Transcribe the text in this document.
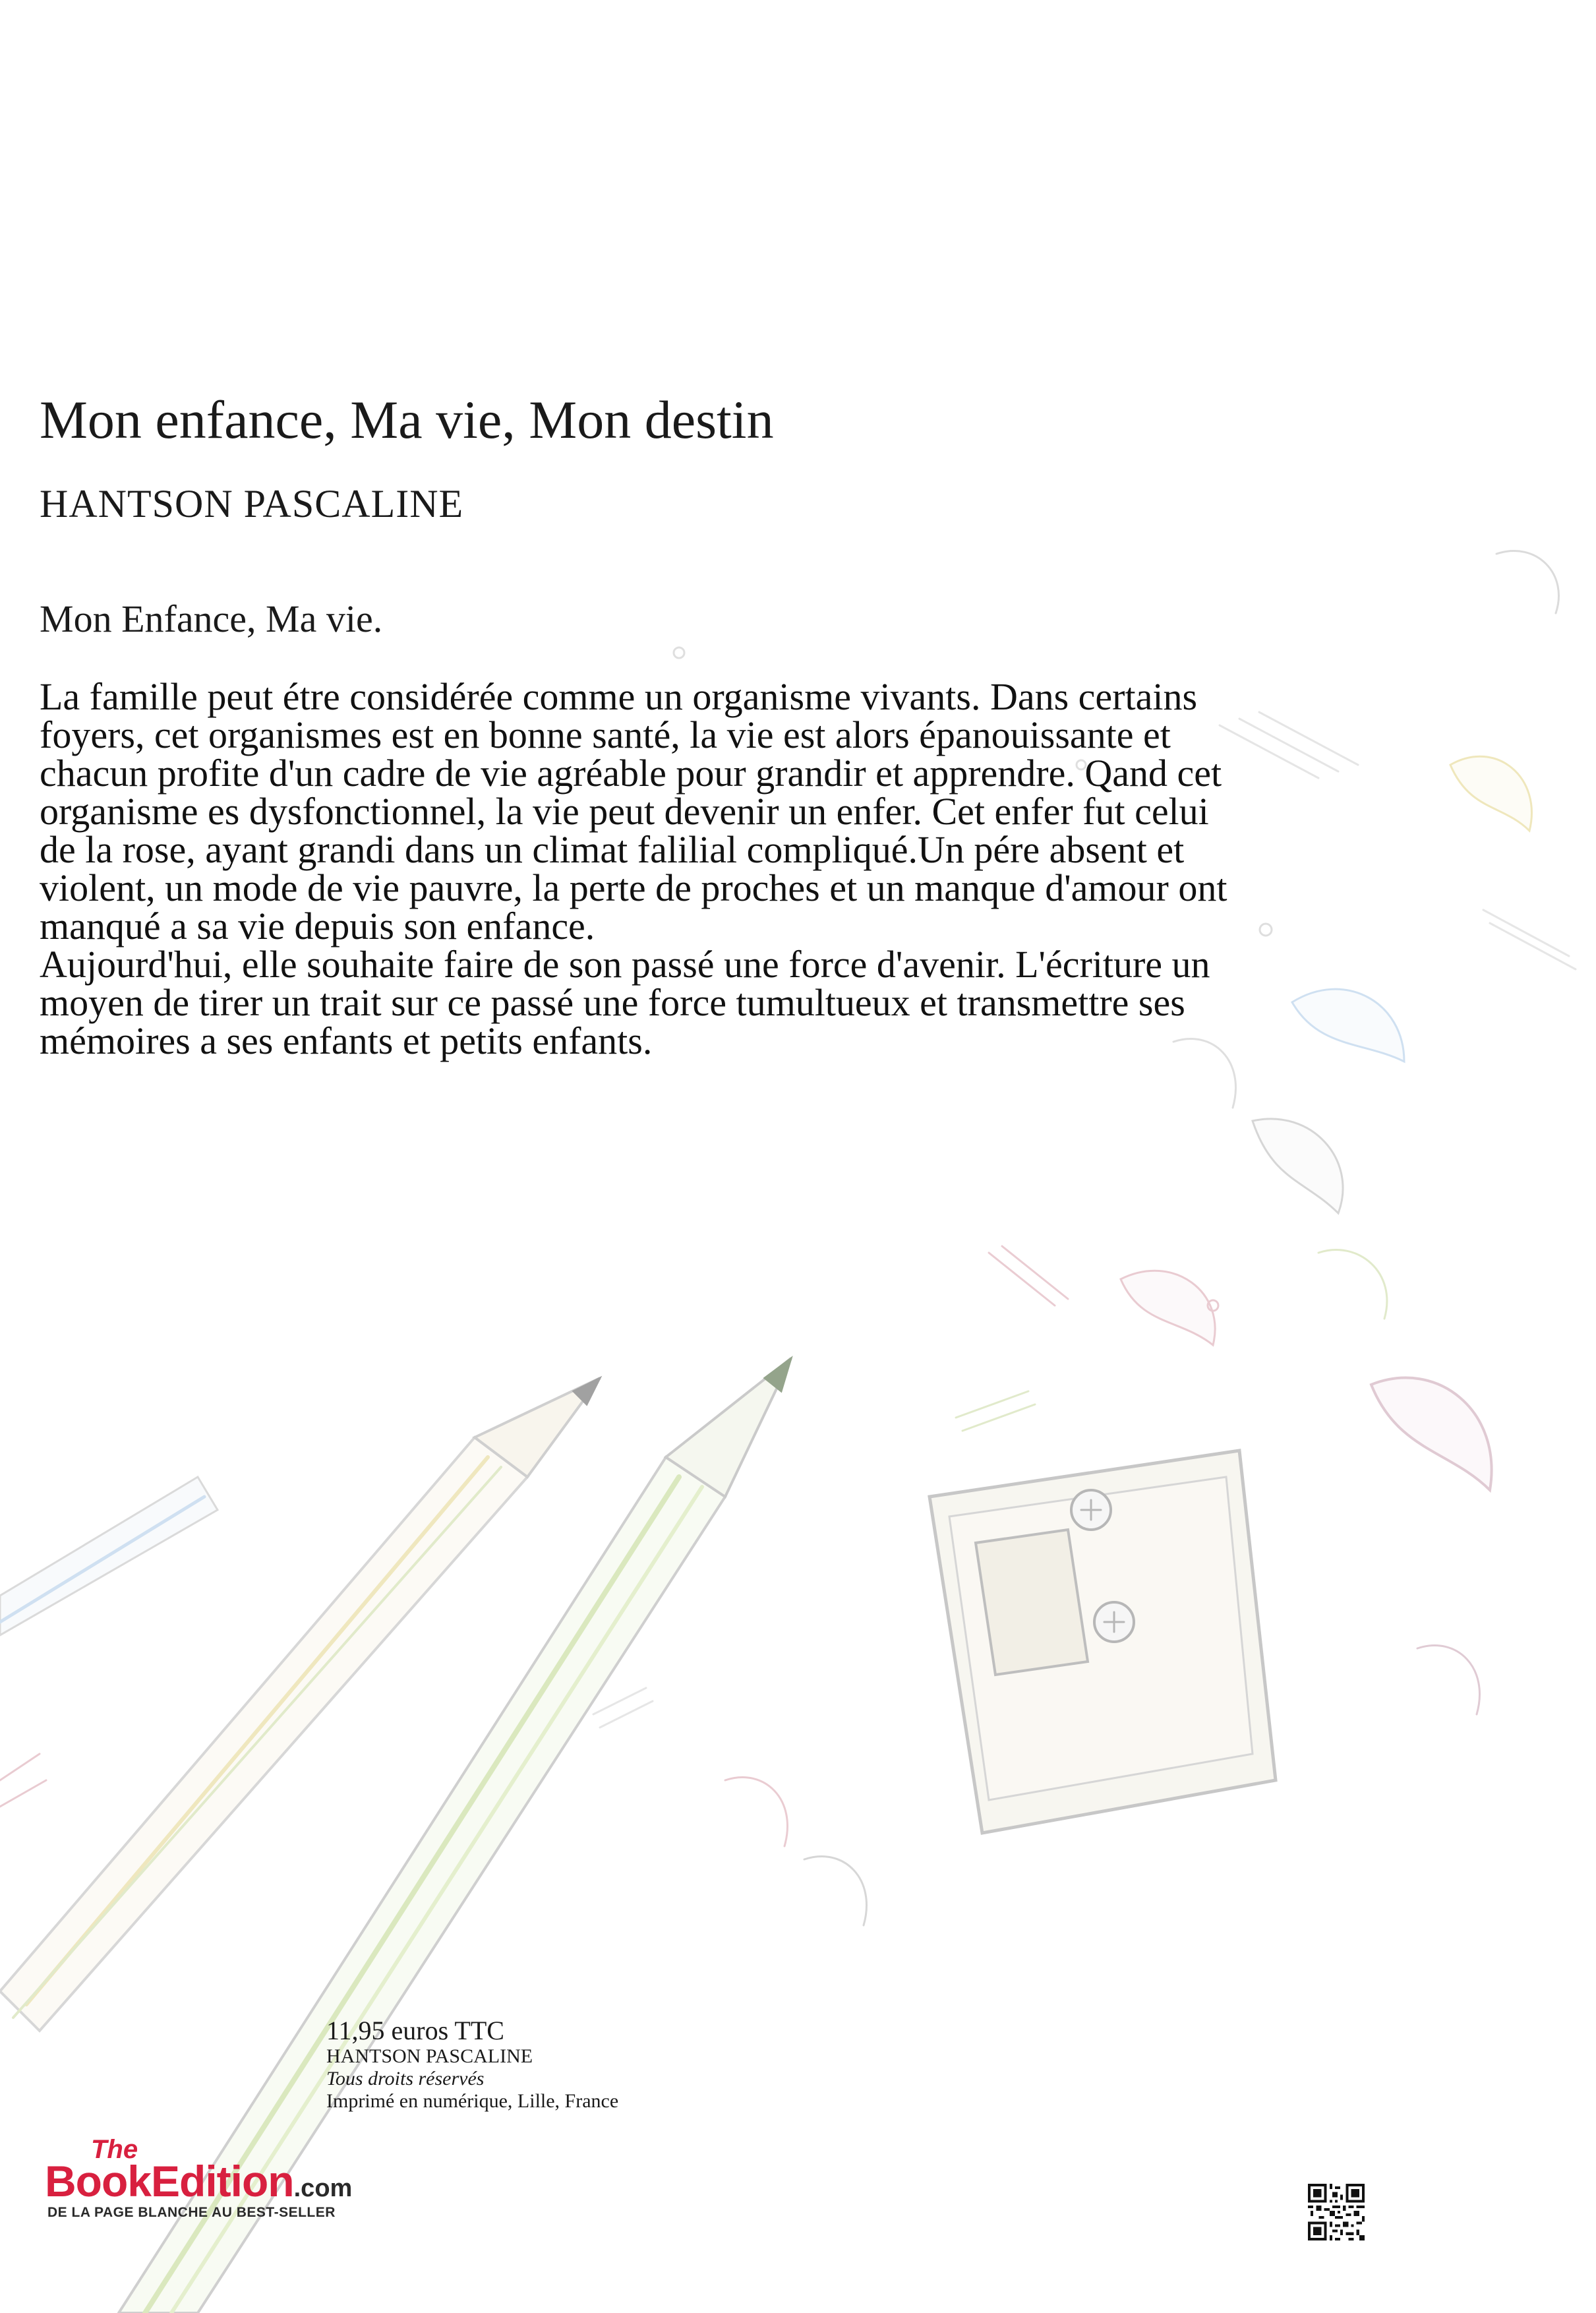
Mon enfance, Ma vie, Mon destin
HANTSON PASCALINE
Mon Enfance, Ma vie.

La famille peut étre considérée comme un organisme vivants. Dans certains foyers, cet organismes est en bonne santé, la vie est alors épanouissante et chacun profite d'un cadre de vie agréable pour grandir et apprendre. Qand cet organisme es dysfonctionnel, la vie peut devenir un enfer. Cet enfer fut celui de la rose, ayant grandi dans un climat falilial compliqué.Un pére absent et violent, un mode de vie pauvre, la perte de proches et un manque d'amour ont manqué a sa vie depuis son enfance.

Aujourd'hui, elle souhaite faire de son passé une force d'avenir. L'écriture un moyen de tirer un trait sur ce passé une force tumultueux et transmettre ses mémoires a ses enfants et petits enfants.

11,95 euros TTC
HANTSON PASCALINE
Tous droits réservés
Imprimé en numérique, Lille, France
The
BookEdition.com
DE LA PAGE BLANCHE AU BEST-SELLER
